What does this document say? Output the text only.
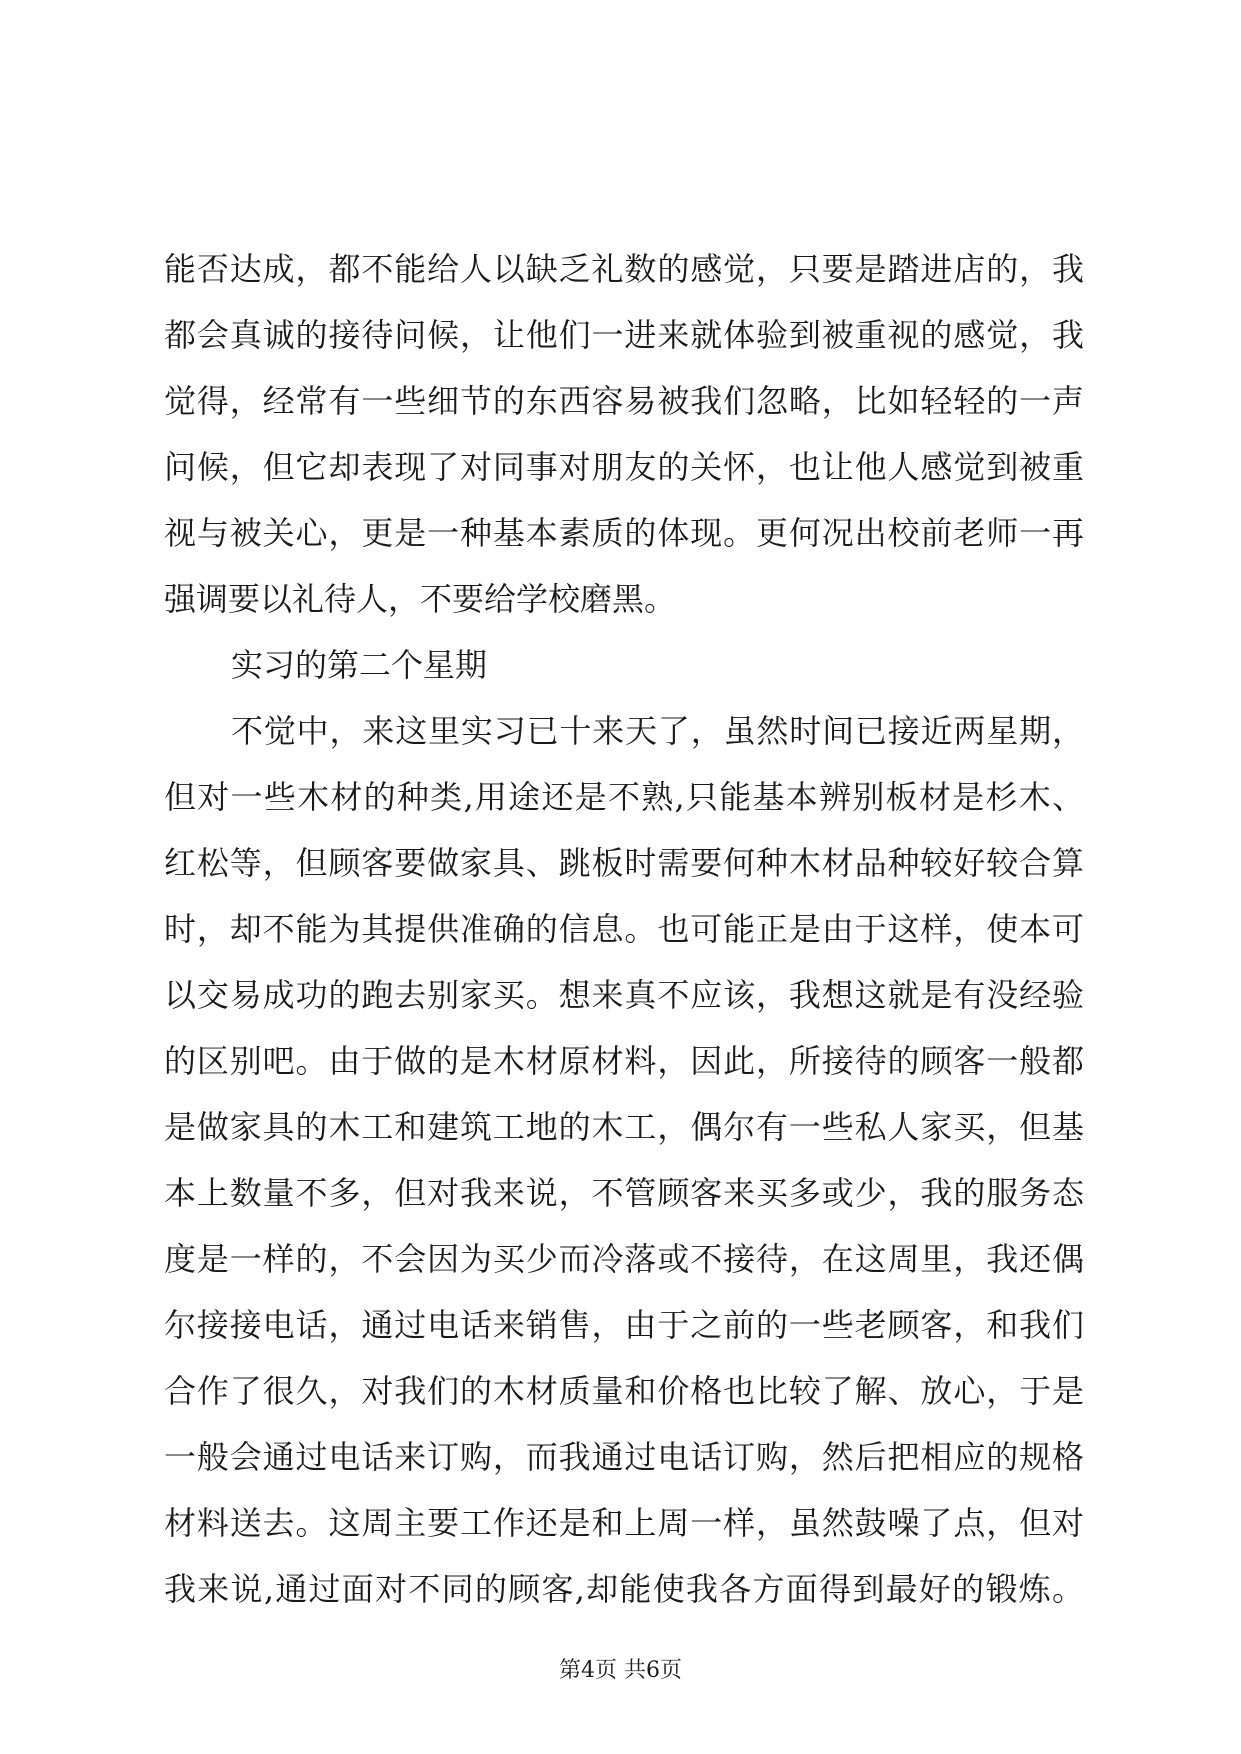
能否达成，都不能给人以缺乏礼数的感觉，只要是踏进店的，我
都会真诚的接待问候，让他们一进来就体验到被重视的感觉，我
觉得，经常有一些细节的东西容易被我们忽略，比如轻轻的一声
问候，但它却表现了对同事对朋友的关怀，也让他人感觉到被重
视与被关心，更是一种基本素质的体现。更何况出校前老师一再
强调要以礼待人，不要给学校磨黑。
实习的第二个星期
不觉中，来这里实习已十来天了，虽然时间已接近两星期，
但对一些木材的种类,用途还是不熟,只能基本辨别板材是杉木、
红松等，但顾客要做家具、跳板时需要何种木材品种较好较合算
时，却不能为其提供准确的信息。也可能正是由于这样，使本可
以交易成功的跑去别家买。想来真不应该，我想这就是有没经验
的区别吧。由于做的是木材原材料，因此，所接待的顾客一般都
是做家具的木工和建筑工地的木工，偶尔有一些私人家买，但基
本上数量不多，但对我来说，不管顾客来买多或少，我的服务态
度是一样的，不会因为买少而冷落或不接待，在这周里，我还偶
尔接接电话，通过电话来销售，由于之前的一些老顾客，和我们
合作了很久，对我们的木材质量和价格也比较了解、放心，于是
一般会通过电话来订购，而我通过电话订购，然后把相应的规格
材料送去。这周主要工作还是和上周一样，虽然鼓噪了点，但对
我来说,通过面对不同的顾客,却能使我各方面得到最好的锻炼。
第4页 共6页
